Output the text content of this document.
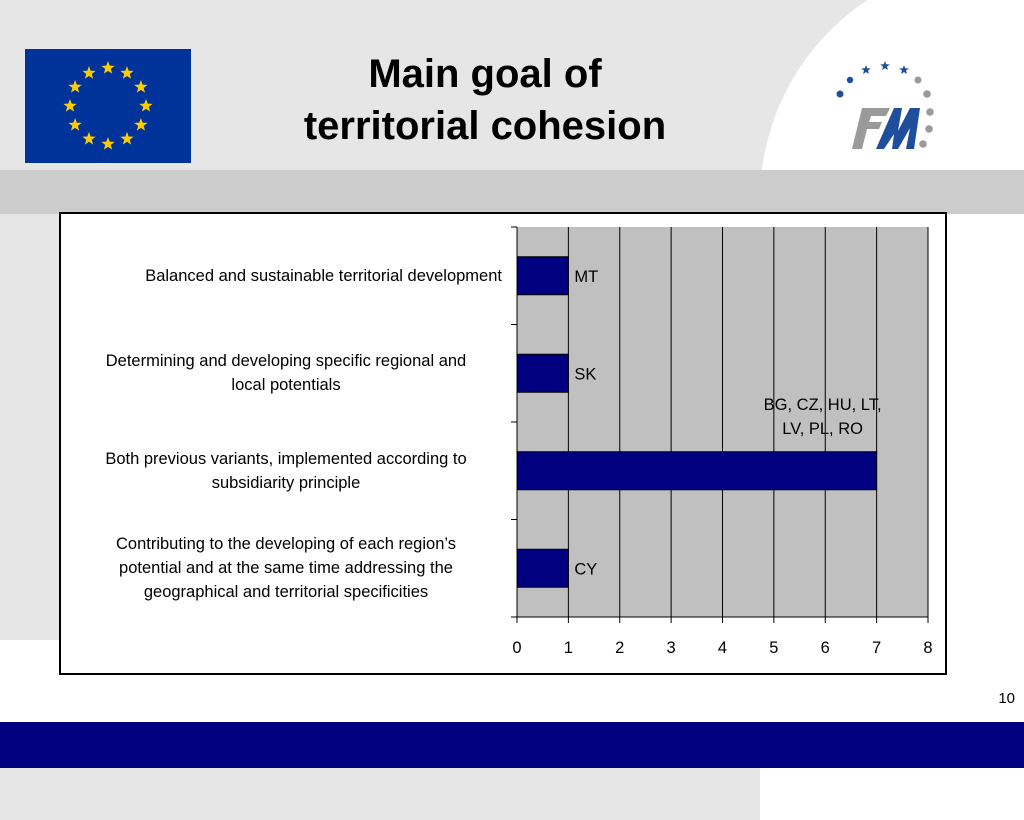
Main goal of
territorial cohesion
MT
SK
BG, CZ, HU, LT, LV, PL, RO
CY
0	1	2	3	4	5	6	7	8
Balanced and sustainable territorial development
Determining and developing specific regional and
local potentials
Both previous variants, implemented according to
subsidiarity principle
Contributing to the developing of each region’s
potential and at the same time addressing the
geographical and territorial specificities
10
